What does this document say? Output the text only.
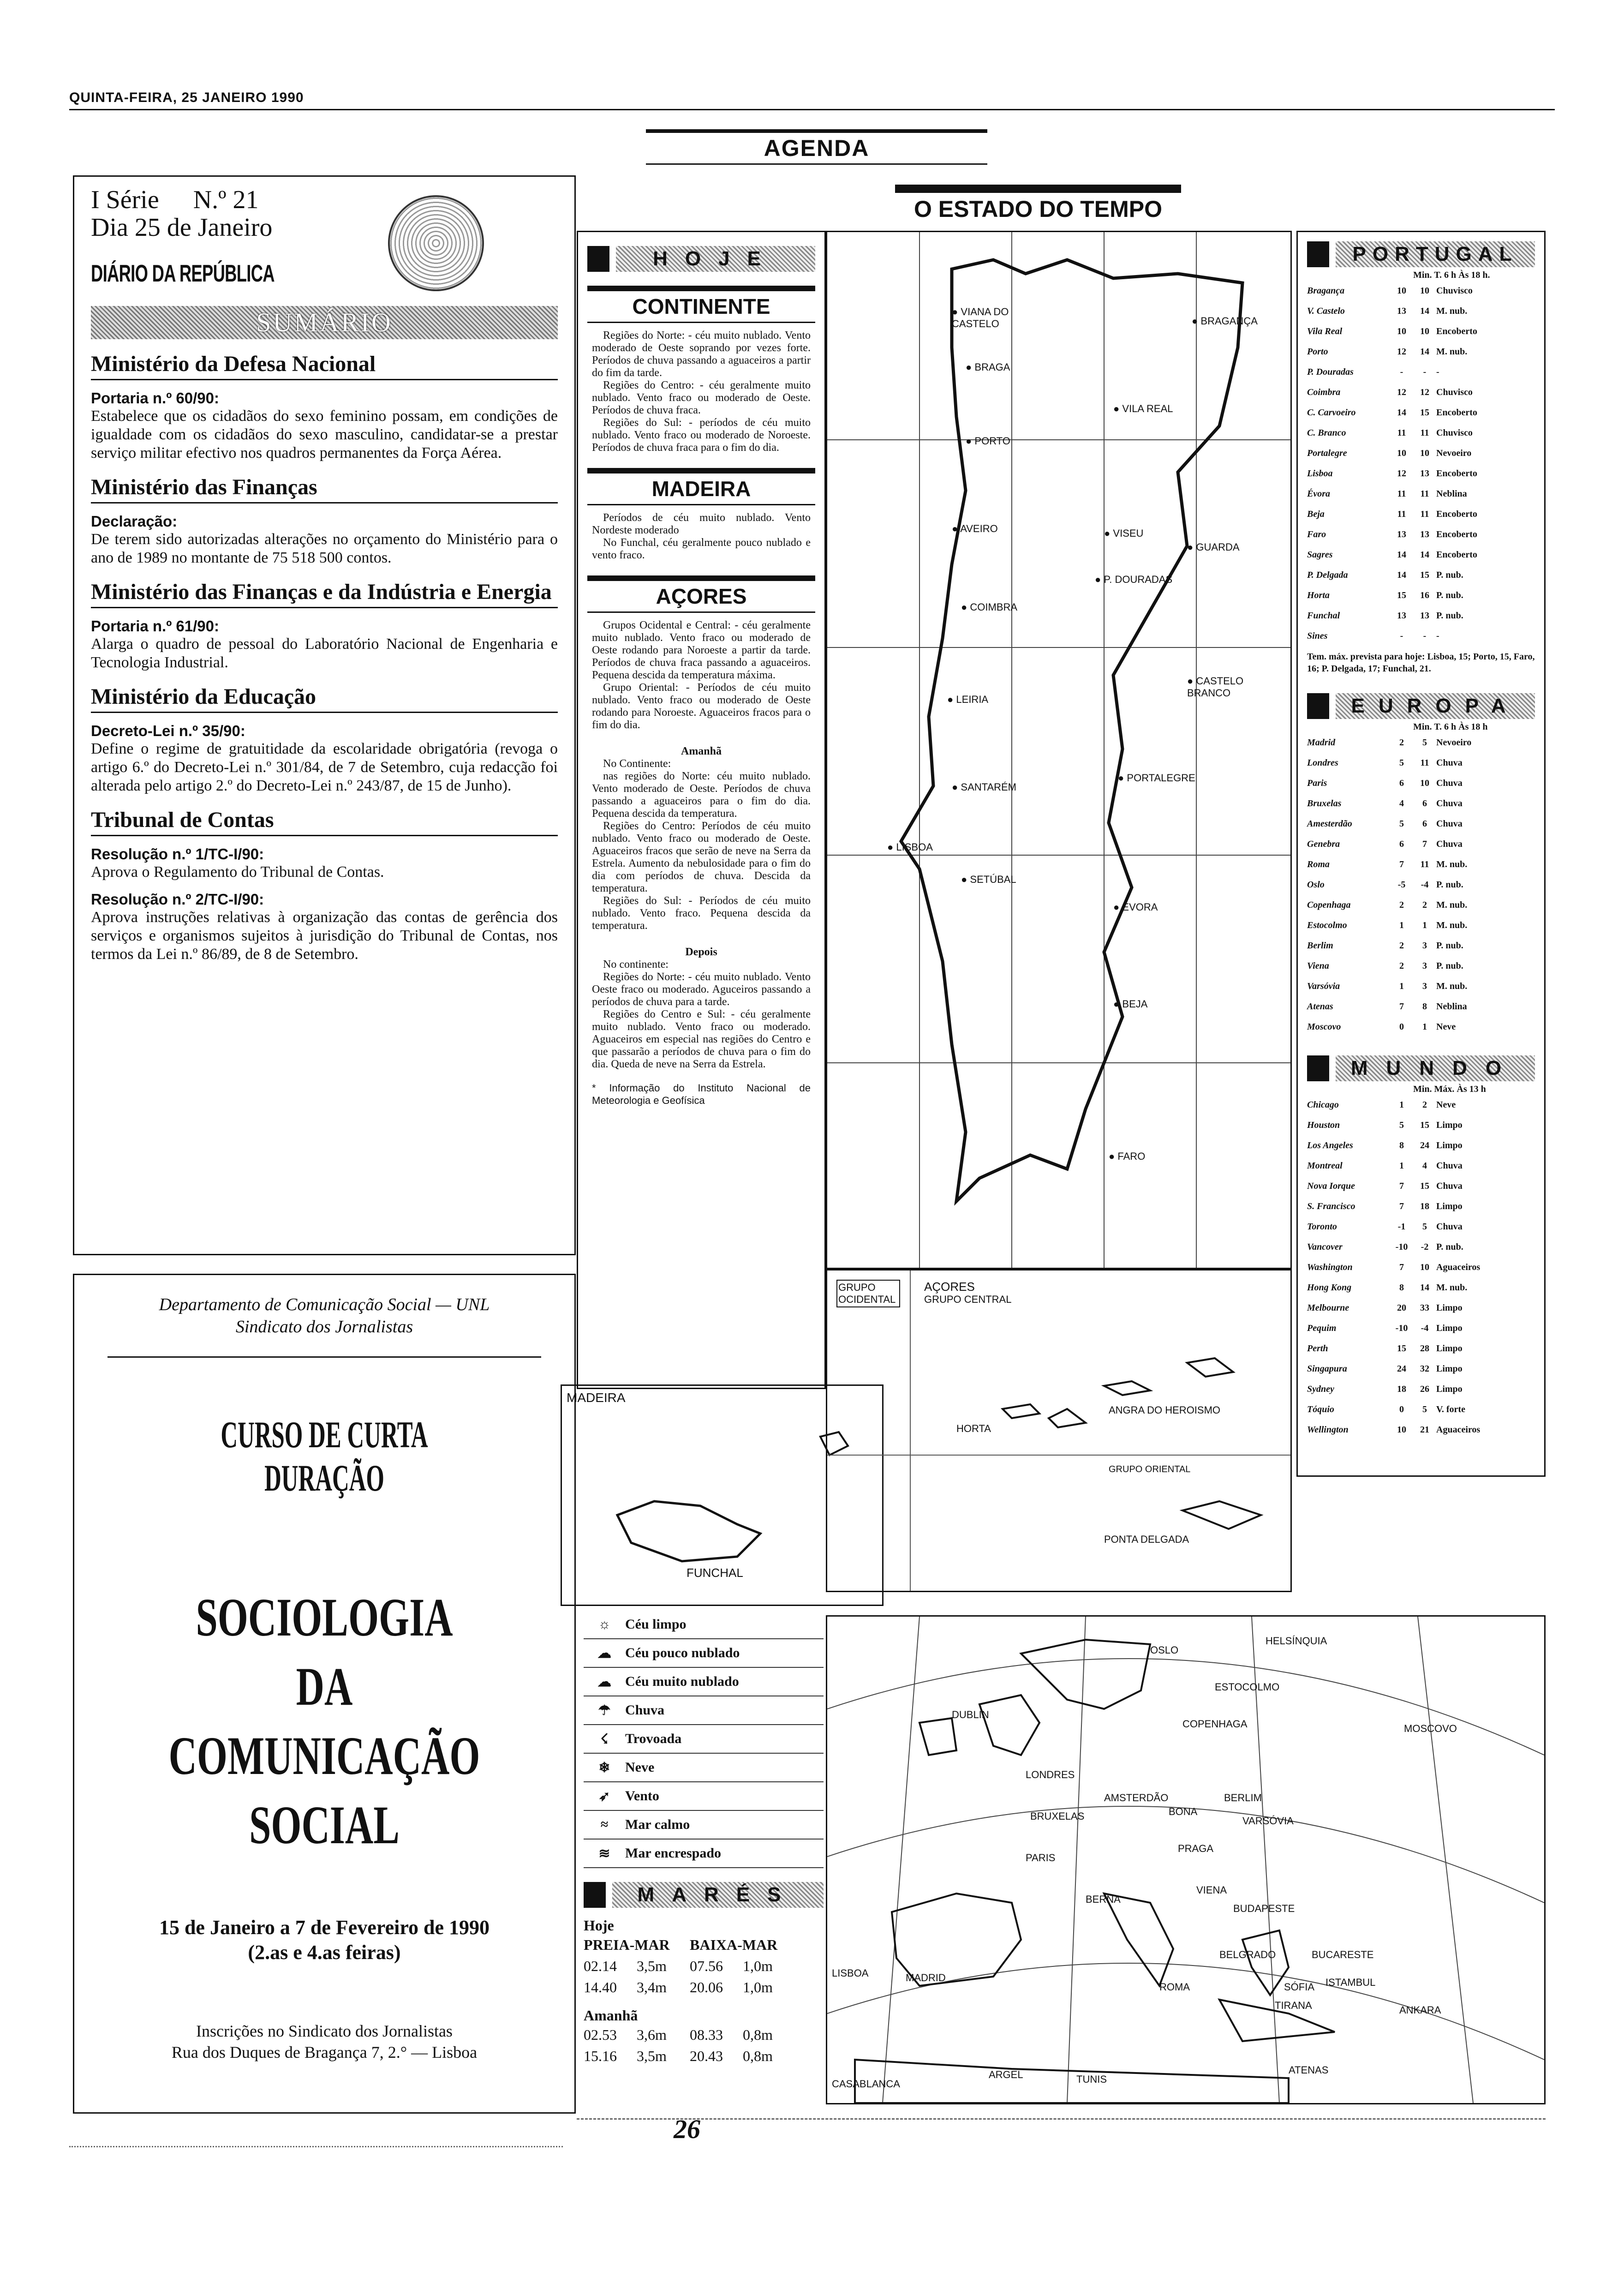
QUINTA-FEIRA, 25 JANEIRO 1990
AGENDA
I Série N.º 21
Dia 25 de Janeiro
DIÁRIO DA REPÚBLICA
SUMÁRIO
Ministério da Defesa Nacional
Portaria n.º 60/90:
Estabelece que os cidadãos do sexo feminino possam, em condições de igualdade com os cidadãos do sexo masculino, candidatar-se a prestar serviço militar efectivo nos quadros permanentes da Força Aérea.
Ministério das Finanças
Declaração:
De terem sido autorizadas alterações no orçamento do Ministério para o ano de 1989 no montante de 75 518 500 contos.
Ministério das Finanças e da Indústria e Energia
Portaria n.º 61/90:
Alarga o quadro de pessoal do Laboratório Nacional de Engenharia e Tecnologia Industrial.
Ministério da Educação
Decreto-Lei n.º 35/90:
Define o regime de gratuitidade da escolaridade obrigatória (revoga o artigo 6.º do Decreto-Lei n.º 301/84, de 7 de Setembro, cuja redacção foi alterada pelo artigo 2.º do Decreto-Lei n.º 243/87, de 15 de Junho).
Tribunal de Contas
Resolução n.º 1/TC-I/90:
Aprova o Regulamento do Tribunal de Contas.
Resolução n.º 2/TC-I/90:
Aprova instruções relativas à organização das contas de gerência dos serviços e organismos sujeitos à jurisdição do Tribunal de Contas, nos termos da Lei n.º 86/89, de 8 de Setembro.
Departamento de Comunicação Social — UNL
Sindicato dos Jornalistas
CURSO DE CURTA DURAÇÃO
SOCIOLOGIA
DA
COMUNICAÇÃO
SOCIAL
15 de Janeiro a 7 de Fevereiro de 1990
(2.as e 4.as feiras)
Inscrições no Sindicato dos Jornalistas
Rua dos Duques de Bragança 7, 2.° — Lisboa
O ESTADO DO TEMPO
HOJE
CONTINENTE

Regiões do Norte: - céu muito nublado. Vento moderado de Oeste soprando por vezes forte. Períodos de chuva passando a aguaceiros a partir do fim da tarde.

Regiões do Centro: - céu geralmente muito nublado. Vento fraco ou moderado de Oeste. Períodos de chuva fraca.

Regiões do Sul: - períodos de céu muito nublado. Vento fraco ou moderado de Noroeste. Períodos de chuva fraca para o fim do dia.

MADEIRA

Períodos de céu muito nublado. Vento Nordeste moderado

No Funchal, céu geralmente pouco nublado e vento fraco.

AÇORES

Grupos Ocidental e Central: - céu geralmente muito nublado. Vento fraco ou moderado de Oeste rodando para Noroeste a partir da tarde. Períodos de chuva fraca passando a aguaceiros. Pequena descida da temperatura máxima.

Grupo Oriental: - Períodos de céu muito nublado. Vento fraco ou moderado de Oeste rodando para Noroeste. Aguaceiros fracos para o fim do dia.

Amanhã

No Continente:

nas regiões do Norte: céu muito nublado. Vento moderado de Oeste. Períodos de chuva passando a aguaceiros para o fim do dia. Pequena descida da temperatura.

Regiões do Centro: Períodos de céu muito nublado. Vento fraco ou moderado de Oeste. Aguaceiros fracos que serão de neve na Serra da Estrela. Aumento da nebulosidade para o fim do dia com períodos de chuva. Descida da temperatura.

Regiões do Sul: - Períodos de céu muito nublado. Vento fraco. Pequena descida da temperatura.

Depois

No continente:

Regiões do Norte: - céu muito nublado. Vento Oeste fraco ou moderado. Aguceiros passando a períodos de chuva para a tarde.

Regiões do Centro e Sul: - céu geralmente muito nublado. Vento fraco ou moderado. Aguaceiros em especial nas regiões do Centro e que passarão a períodos de chuva para o fim do dia. Queda de neve na Serra da Estrela.

* Informação do Instituto Nacional de Meteorologia e Geofísica
● VIANA DO CASTELO
● BRAGA
● BRAGANÇA
● PORTO
● VILA REAL
● AVEIRO
●	VISEU
● GUARDA
● P. DOURADAS
● COIMBRA
● CASTELO BRANCO
● LEIRIA
● PORTALEGRE
● SANTARÉM
● LISBOA
● SETÚBAL
● ÉVORA
● BEJA
● FARO
MADEIRA
FUNCHAL
GRUPO OCIDENTAL
AÇORES
GRUPO CENTRAL
HORTA
ANGRA DO HEROISMO
GRUPO ORIENTAL
PONTA DELGADA
☼	Céu limpo
☁	Céu pouco nublado
☁	Céu muito nublado
☂	Chuva
☇	Trovoada
❄	Neve
➶	Vento
≈	Mar calmo
≋	Mar encrespado
MARÉS
Hoje
PREIA-MAR	BAIXA-MAR
02.14	3,5m	07.56	1,0m
14.40	3,4m	20.06	1,0m
Amanhã
02.53	3,6m	08.33	0,8m
15.16	3,5m	20.43	0,8m
OSLO
HELSÍNQUIA
ESTOCOLMO
DUBLIN
COPENHAGA	MOSCOVO
LONDRES
AMSTERDÃO	BERLIM
BRUXELAS	BONA
VARSÓVIA
PARIS
PRAGA
BERNA
VIENA
BUDAPESTE
BELGRADO	BUCARESTE
LISBOA	MADRID
ROMA	SÓFIA ISTAMBUL
TIRANA	ANKARA
ARGEL	TUNIS
ATENAS
CASABLANCA
PORTUGAL
Min. T. 6 h Às 18 h.
Bragança	10	10 Chuvisco
V. Castelo	13	14 M. nub.
Vila Real	10	10 Encoberto
Porto	12	14 M. nub.
P. Douradas	-	-	-
Coimbra	12	12 Chuvisco
C. Carvoeiro	14	15 Encoberto
C. Branco	11	11 Chuvisco
Portalegre	10	10 Nevoeiro
Lisboa	12	13 Encoberto
Évora	11	11 Neblina
Beja	11	11 Encoberto
Faro	13	13 Encoberto
Sagres	14	14 Encoberto
P. Delgada	14	15 P. nub.
Horta	15	16 P. nub.
Funchal	13	13 P. nub.
Sines	-	-	-
Tem. máx. prevista para hoje: Lisboa, 15; Porto, 15, Faro, 16; P. Delgada, 17; Funchal, 21.
EUROPA
Min. T. 6 h Às 18 h
Madrid	2	5	Nevoeiro
Londres	5	11 Chuva
Paris	6	10 Chuva
Bruxelas	4	6	Chuva
Amesterdão	5	6	Chuva
Genebra	6	7	Chuva
Roma	7	11 M. nub.
Oslo	-5	-4 P. nub.
Copenhaga	2	2	M. nub.
Estocolmo	1	1	M. nub.
Berlim	2	3	P. nub.
Viena	2	3	P. nub.
Varsóvia	1	3	M. nub.
Atenas	7	8	Neblina
Moscovo	0	1	Neve
MUNDO
Min. Máx. Às 13 h
Chicago	1	2	Neve
Houston	5	15 Limpo
Los Angeles	8	24 Limpo
Montreal	1	4	Chuva
Nova Iorque	7	15 Chuva
S. Francisco	7	18 Limpo
Toronto	-1	5	Chuva
Vancover	-10	-2 P. nub.
Washington	7	10 Aguaceiros
Hong Kong	8	14 M. nub.
Melbourne	20	33 Limpo
Pequim	-10	-4 Limpo
Perth	15	28 Limpo
Singapura	24	32 Limpo
Sydney	18	26 Limpo
Tóquio	0	5	V. forte
Wellington	10	21 Aguaceiros
26
